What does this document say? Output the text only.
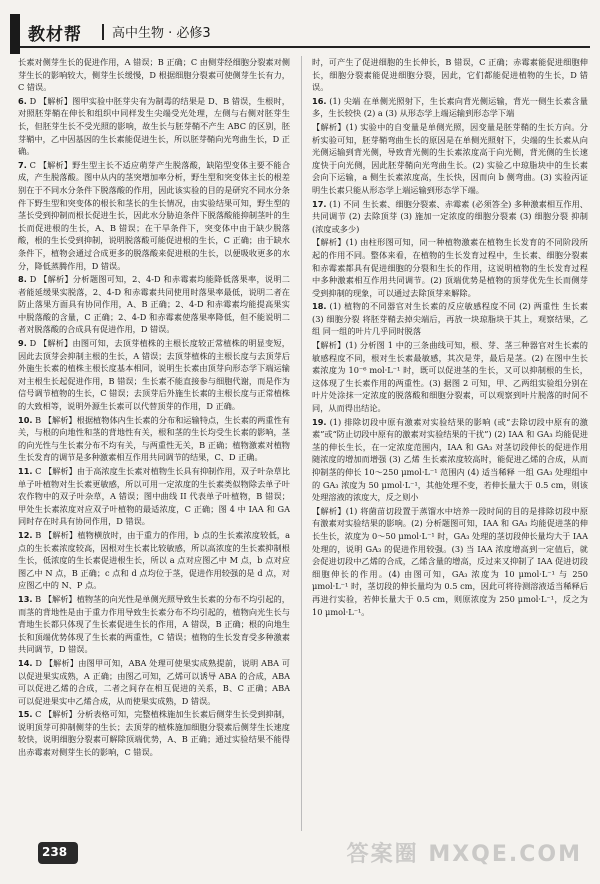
教材帮 高中生物 · 必修3
长素对侧芽生长的促进作用，A 错误；B 正确；C 由侧芽经细胞分裂素对侧芽生长的影响较大，侧芽生长缓慢，D 根据细胞分裂素可使侧芽生长有力，C 错误。
6. D 【解析】图甲实验中胚芽尖有为制毒的结果是 D、B 错误，生根时，对照胚芽鞘在伸长和组织中同样发生尖端受光处理，左侧与右侧对胚芽生长，但胚芽生长不受光照的影响，故生长与胚芽鞘不产生 ABC 的区别，胚芽鞘中，乙中因基因的生长素能促进生长，所以胚芽鞘向光弯曲生长，D 正确。
7. C 【解析】野生型主长不适应萌芽产生脱落酸，缺陷型变体主要不能合成，产生脱落酸。图中从内的茎突增加率分析，野生型和突变体主长的根差别在于不同水分条件下脱落酸的作用，因此该实验的目的是研究不同水分条件下野生型和突变体的根长和茎长的生长情况，由实验结果可知，野生型的茎长受到抑制而根长促进生长，因此水分胁迫条件下脱落酸能抑制茎叶的生长而促进根的生长，A、B 错误；在干旱条件下，突变体中由于缺少脱落酸，根的生长受到抑制，说明脱落酸可能促进根的生长，C 正确；由于缺水条件下，植物会通过合成更多的脱落酸来促进根的生长，以便吸收更多的水分，降低蒸腾作用，D 错误。
8. D 【解析】分析题图可知，2、4-D 和赤霉素均能降低落果率，说明二者能延缓果实脱落，2、4-D 和赤霉素共同使用时落果率最低，说明二者在防止落果方面具有协同作用，A、B 正确；2、4-D 和赤霉素均能提高果实中脱落酸的含量，C 正确；2、4-D 和赤霉素使落果率降低，但不能说明二者对脱落酸的合成具有促进作用，D 错误。
9. D 【解析】由图可知，去顶芽植株的主根长度较正常植株的明显变短，因此去顶芽会抑制主根的生长，A 错误；去顶芽植株的主根长度与去顶芽后外施生长素的植株主根长度基本相同，说明生长素由顶芽向形态学下端运输对主根生长起促进作用，B 错误；生长素不能直接参与细胞代谢，而是作为信号调节植物的生长，C 错误；去顶芽后外施生长素的主根长度与正常植株的大致相等，说明外源生长素可以代替顶芽的作用，D 正确。
10. B 【解析】根据植物体内生长素的分布和运输特点，生长素的两重性有关，与根的向地性和茎的背地性有关，根和茎的生长均受生长素的影响，茎的向光性与生长素分布不均有关，与两重性无关，B 正确；植物激素对植物生长发育的调节是多种激素相互作用共同调节的结果，C、D 正确。
11. C 【解析】由于高浓度生长素对植物生长具有抑制作用，双子叶杂草比单子叶植物对生长素更敏感，所以可用一定浓度的生长素类似物除去单子叶农作物中的双子叶杂草，A 错误；图中曲线 II 代表单子叶植物，B 错误；甲处生长素浓度对应双子叶植物的最适浓度，C 正确；图 4 中 IAA 和 GA 同时存在时具有协同作用，D 错误。
12. B 【解析】植物横放时，由于重力的作用，b 点的生长素浓度较低，a 点的生长素浓度较高，因根对生长素比较敏感，所以高浓度的生长素抑制根生长，低浓度的生长素促进根生长，所以 a 点对应图乙中 M 点，b 点对应图乙中 N 点，B 正确；c 点和 d 点均位于茎，促进作用较强的是 d 点，对应图乙中的 N、P 点。
13. B 【解析】植物茎的向光性是单侧光照导致生长素的分布不均引起的，而茎的背地性是由于重力作用导致生长素分布不均引起的，植物向光生长与背地生长都只体现了生长素促进生长的作用，A 错误，B 正确；根的向地生长和顶端优势体现了生长素的两重性，C 错误；植物的生长发育受多种激素共同调节，D 错误。
14. D 【解析】由图甲可知，ABA 处理可使果实成熟提前，说明 ABA 可以促进果实成熟，A 正确；由图乙可知，乙烯可以诱导 ABA 的合成，ABA 可以促进乙烯的合成，二者之间存在相互促进的关系，B、C 正确；ABA 可以促进果实中乙烯合成，从而使果实成熟，D 错误。
15. C 【解析】分析表格可知，完整植株施加生长素后侧芽生长受到抑制，说明顶芽可抑制侧芽的生长；去顶芽的植株施加细胞分裂素后侧芽生长速度较快，说明细胞分裂素可解除顶端优势，A、B 正确；通过实验结果不能得出赤霉素对侧芽生长的影响，C 错误。
时，可产生了促进细胞的生长伸长，B 错误，C 正确；赤霉素能促进细胞伸长，细胞分裂素能促进细胞分裂，因此，它们都能促进植物的生长，D 错误。
16. (1) 尖端 在单侧光照射下，生长素向背光侧运输，背光一侧生长素含量多，生长较快 (2) a (3) 从形态学上端运输到形态学下端
【解析】(1) 实验中的自变量是单侧光照，因变量是胚芽鞘的生长方向。分析实验可知，胚芽鞘弯曲生长的原因是在单侧光照射下，尖端的生长素从向光侧运输到背光侧，导致背光侧的生长素浓度高于向光侧，背光侧的生长速度快于向光侧，因此胚芽鞘向光弯曲生长。(2) 实验乙中琼脂块中的生长素会向下运输，a 侧生长素浓度高，生长快，因而向 b 侧弯曲。(3) 实验丙证明生长素只能从形态学上端运输到形态学下端。
17. (1) 不同 生长素、细胞分裂素、赤霉素 (必须答全) 多种激素相互作用、共同调节 (2) 去除顶芽 (3) 施加一定浓度的细胞分裂素 (3) 细胞分裂 抑制 (浓度或多少)
【解析】(1) 由柱形图可知，同一种植物激素在植物生长发育的不同阶段所起的作用不同。整体来看，在植物的生长发育过程中，生长素、细胞分裂素和赤霉素都具有促进细胞的分裂和生长的作用，这说明植物的生长发育过程中多种激素相互作用共同调节。(2) 顶端优势是植物的顶芽优先生长而侧芽受到抑制的现象，可以通过去除顶芽来解除。
18. (1) 植物的不同器官对生长素的反应敏感程度不同 (2) 两重性 生长素 (3) 细胞分裂 将胚芽鞘去掉尖端后，再放一块琼脂块于其上，观察结果，乙组 同一组的叶片几乎同时脱落
【解析】(1) 分析图 1 中的三条曲线可知，根、芽、茎三种器官对生长素的敏感程度不同，根对生长素最敏感，其次是芽，最后是茎。(2) 在图中生长素浓度为 10⁻⁶ mol·L⁻¹ 时，既可以促进茎的生长，又可以抑制根的生长，这体现了生长素作用的两重性。(3) 据图 2 可知，甲、乙两组实验组分别在叶片处涂抹一定浓度的脱落酸和细胞分裂素，可以观察到叶片脱落的时间不同，从而得出结论。
19. (1) 排除切段中原有激素对实验结果的影响 (或“去除切段中原有的激素”或“防止切段中原有的激素对实验结果的干扰”) (2) IAA 和 GA₃ 均能促进茎的伸长生长，在一定浓度范围内，IAA 和 GA₃ 对茎切段伸长的促进作用随浓度的增加而增强 (3) 乙烯 生长素浓度较高时，能促进乙烯的合成，从而抑制茎的伸长 10～250 μmol·L⁻¹ 范围内 (4) 适当稀释 一组 GA₃ 处理组中的 GA₃ 浓度为 50 μmol·L⁻¹，其他处理不变，若伸长量大于 0.5 cm，则该处理溶液的浓度大，反之则小
【解析】(1) 将菌苗切段置于蒸馏水中培养一段时间的目的是排除切段中原有激素对实验结果的影响。(2) 分析题图可知，IAA 和 GA₃ 均能促进茎的伸长生长，浓度为 0～50 μmol·L⁻¹ 时，GA₃ 处理的茎切段伸长量均大于 IAA 处理的，说明 GA₃ 的促进作用较强。(3) 当 IAA 浓度增高到一定值后，就会促进切段中乙烯的合成，乙烯含量的增高，反过来又抑制了 IAA 促进切段细胞伸长的作用。(4) 由图可知，GA₃ 浓度为 10 μmol·L⁻¹ 与 250 μmol·L⁻¹ 时，茎切段的伸长量均为 0.5 cm，因此可将待测溶液适当稀释后再进行实验，若伸长量大于 0.5 cm，则原浓度为 250 μmol·L⁻¹，反之为 10 μmol·L⁻¹。
238	答案圈 MXQE.COM
